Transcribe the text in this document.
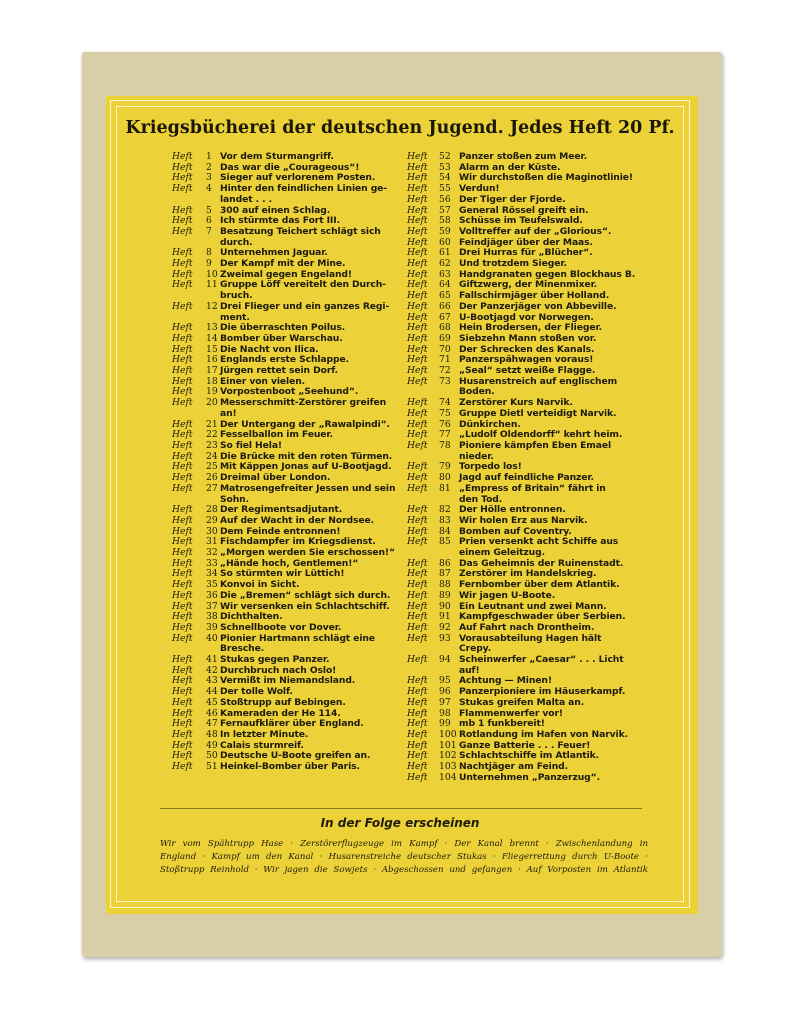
Kriegsbücherei der deutschen Jugend. Jedes Heft 20 Pf.
Heft	1 Vor dem Sturmangriff.
Heft	2 Das war die „Courageous“!
Heft	3 Sieger auf verlorenem Posten.
Heft	4 Hinter den feindlichen Linien ge-
landet . . .
Heft	5 300 auf einen Schlag.
Heft	6 Ich stürmte das Fort III.
Heft	7 Besatzung Teichert schlägt sich
durch.
Heft	8 Unternehmen Jaguar.
Heft	9 Der Kampf mit der Mine.
Heft	10 Zweimal gegen Engeland!
Heft	11 Gruppe Löff vereitelt den Durch-
bruch.
Heft	12 Drei Flieger und ein ganzes Regi-
ment.
Heft	13 Die überraschten Poilus.
Heft	14 Bomber über Warschau.
Heft	15 Die Nacht von Ilica.
Heft	16 Englands erste Schlappe.
Heft	17 Jürgen rettet sein Dorf.
Heft	18 Einer von vielen.
Heft	19 Vorpostenboot „Seehund“.
Heft	20 Messerschmitt-Zerstörer greifen an!
Heft	21 Der Untergang der „Rawalpindi“.
Heft	22 Fesselballon im Feuer.
Heft	23 So fiel Hela!
Heft	24 Die Brücke mit den roten Türmen.
Heft	25 Mit Käppen Jonas auf U-Bootjagd.
Heft	26 Dreimal über London.
Heft	27 Matrosengefreiter Jessen und sein
Sohn.
Heft	28 Der Regimentsadjutant.
Heft	29 Auf der Wacht in der Nordsee.
Heft	30 Dem Feinde entronnen!
Heft	31 Fischdampfer im Kriegsdienst.
Heft	32 „Morgen werden Sie erschossen!“
Heft	33 „Hände hoch, Gentlemen!“
Heft	34 So stürmten wir Lüttich!
Heft	35 Konvoi in Sicht.
Heft	36 Die „Bremen“ schlägt sich durch.
Heft	37 Wir versenken ein Schlachtschiff.
Heft	38 Dichthalten.
Heft	39 Schnellboote vor Dover.
Heft	40 Pionier Hartmann schlägt eine
Bresche.
Heft	41 Stukas gegen Panzer.
Heft	42 Durchbruch nach Oslo!
Heft	43 Vermißt im Niemandsland.
Heft	44 Der tolle Wolf.
Heft	45 Stoßtrupp auf Bebingen.
Heft	46 Kameraden der He 114.
Heft	47 Fernaufklärer über England.
Heft	48 In letzter Minute.
Heft	49 Calais sturmreif.
Heft	50 Deutsche U-Boote greifen an.
Heft	51 Heinkel-Bomber über Paris.
Heft	52 Panzer stoßen zum Meer.
Heft	53 Alarm an der Küste.
Heft	54 Wir durchstoßen die Maginotlinie!
Heft	55 Verdun!
Heft	56 Der Tiger der Fjorde.
Heft	57 General Rössel greift ein.
Heft	58 Schüsse im Teufelswald.
Heft	59 Volltreffer auf der „Glorious“.
Heft	60 Feindjäger über der Maas.
Heft	61 Drei Hurras für „Blücher“.
Heft	62 Und trotzdem Sieger.
Heft	63 Handgranaten gegen Blockhaus B.
Heft	64 Giftzwerg, der Minenmixer.
Heft	65 Fallschirmjäger über Holland.
Heft	66 Der Panzerjäger von Abbeville.
Heft	67 U-Bootjagd vor Norwegen.
Heft	68 Hein Brodersen, der Flieger.
Heft	69 Siebzehn Mann stoßen vor.
Heft	70 Der Schrecken des Kanals.
Heft	71 Panzerspähwagen voraus!
Heft	72 „Seal“ setzt weiße Flagge.
Heft	73 Husarenstreich auf englischem
Boden.
Heft	74 Zerstörer Kurs Narvik.
Heft	75 Gruppe Dietl verteidigt Narvik.
Heft	76 Dünkirchen.
Heft	77 „Ludolf Oldendorff“ kehrt heim.
Heft	78 Pioniere kämpfen Eben Emael
nieder.
Heft	79 Torpedo los!
Heft	80 Jagd auf feindliche Panzer.
Heft	81 „Empress of Britain“ fährt in
den Tod.
Heft	82 Der Hölle entronnen.
Heft	83 Wir holen Erz aus Narvik.
Heft	84 Bomben auf Coventry.
Heft	85 Prien versenkt acht Schiffe aus
einem Geleitzug.
Heft	86 Das Geheimnis der Ruinenstadt.
Heft	87 Zerstörer im Handelskrieg.
Heft	88 Fernbomber über dem Atlantik.
Heft	89 Wir jagen U-Boote.
Heft	90 Ein Leutnant und zwei Mann.
Heft	91 Kampfgeschwader über Serbien.
Heft	92 Auf Fahrt nach Drontheim.
Heft	93 Vorausabteilung Hagen hält
Crepy.
Heft	94 Scheinwerfer „Caesar“ . . . Licht auf!
Heft	95 Achtung — Minen!
Heft	96 Panzerpioniere im Häuserkampf.
Heft	97 Stukas greifen Malta an.
Heft	98 Flammenwerfer vor!
Heft	99 mb 1 funkbereit!
Heft	100 Rotlandung im Hafen von Narvik.
Heft	101 Ganze Batterie . . . Feuer!
Heft	102 Schlachtschiffe im Atlantik.
Heft	103 Nachtjäger am Feind.
Heft	104 Unternehmen „Panzerzug“.
In der Folge erscheinen
Wir vom Spähtrupp Hase · Zerstörerflugzeuge im Kampf · Der Kanal brennt · Zwischenlandung in
England · Kampf um den Kanal · Husarenstreiche deutscher Stukas · Fliegerrettung durch U-Boote ·
Stoßtrupp Reinhold · Wir jagen die Sowjets · Abgeschossen und gefangen · Auf Vorposten im Atlantik
